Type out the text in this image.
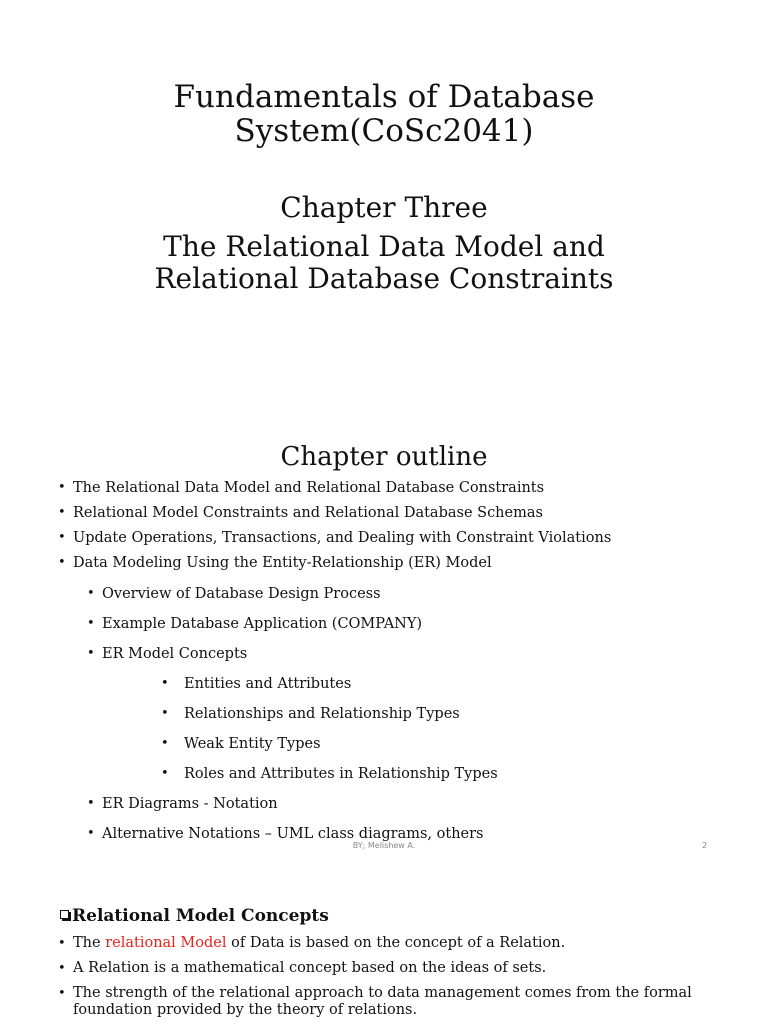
Fundamentals of Database
System(CoSc2041)
Chapter Three
The Relational Data Model and
Relational Database Constraints
Chapter outline
• The Relational Data Model and Relational Database Constraints
• Relational Model Constraints and Relational Database Schemas
• Update Operations, Transactions, and Dealing with Constraint Violations
• Data Modeling Using the Entity-Relationship (ER) Model
• Overview of Database Design Process
• Example Database Application (COMPANY)
• ER Model Concepts
• Entities and Attributes
• Relationships and Relationship Types
• Weak Entity Types
• Roles and Attributes in Relationship Types
• ER Diagrams - Notation
• Alternative Notations – UML class diagrams, others
BY; Melishew A.	2
Relational Model Concepts
• The relational Model of Data is based on the concept of a Relation.
• A Relation is a mathematical concept based on the ideas of sets.
• The strength of the relational approach to data management comes from the formal foundation provided by the theory of relations.
